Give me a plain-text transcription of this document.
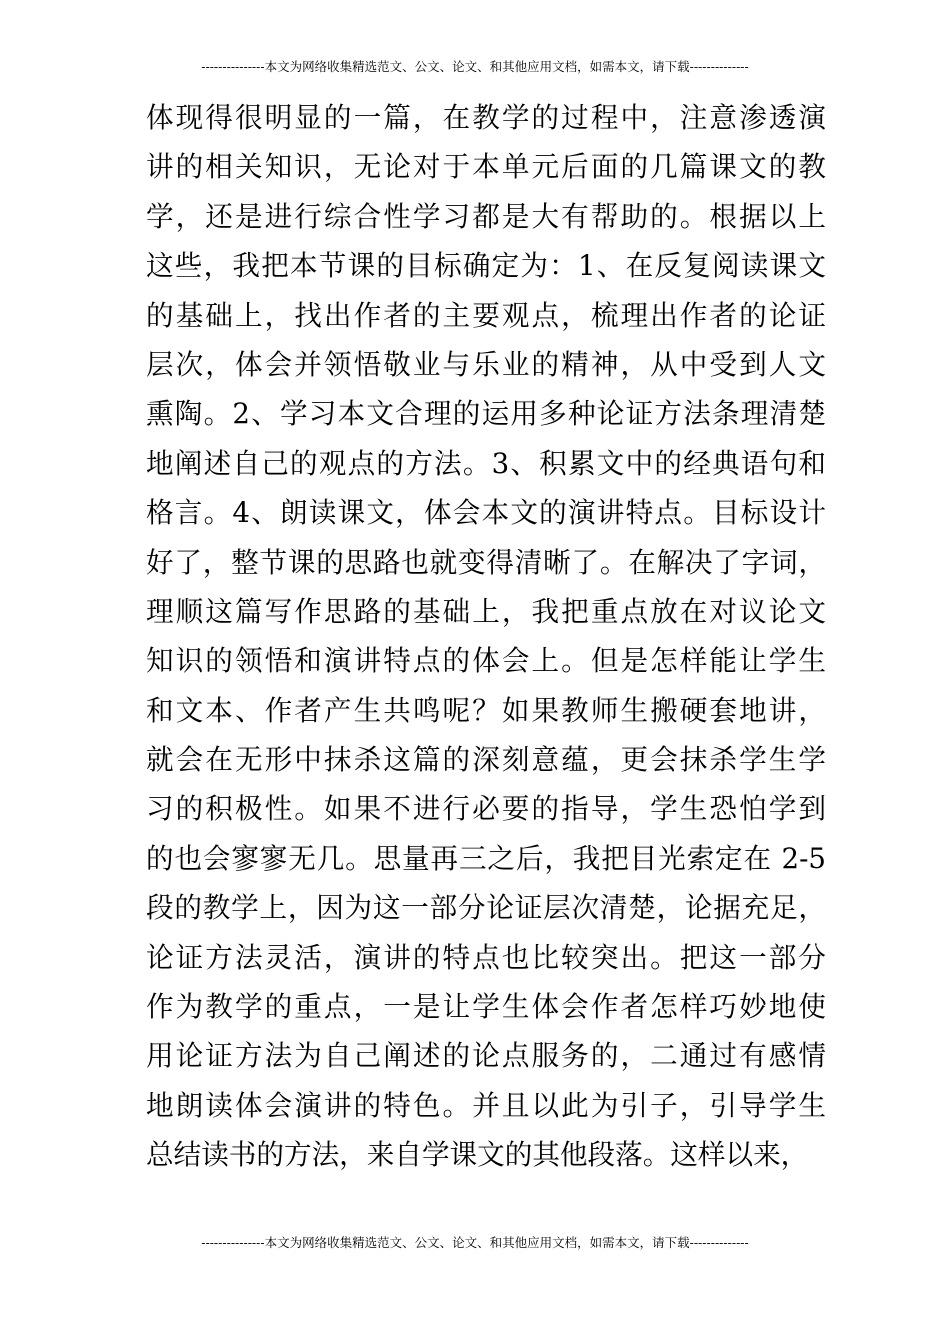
---------------本文为网络收集精选范文、公文、论文、和其他应用文档，如需本文，请下载--------------
体现得很明显的一篇，在教学的过程中，注意渗透演
讲的相关知识，无论对于本单元后面的几篇课文的教
学，还是进行综合性学习都是大有帮助的。根据以上
这些，我把本节课的目标确定为：1、在反复阅读课文
的基础上，找出作者的主要观点，梳理出作者的论证
层次，体会并领悟敬业与乐业的精神，从中受到人文
熏陶。2、学习本文合理的运用多种论证方法条理清楚
地阐述自己的观点的方法。3、积累文中的经典语句和
格言。4、朗读课文，体会本文的演讲特点。目标设计
好了，整节课的思路也就变得清晰了。在解决了字词，
理顺这篇写作思路的基础上，我把重点放在对议论文
知识的领悟和演讲特点的体会上。但是怎样能让学生
和文本、作者产生共鸣呢？如果教师生搬硬套地讲，
就会在无形中抹杀这篇的深刻意蕴，更会抹杀学生学
习的积极性。如果不进行必要的指导，学生恐怕学到
的也会寥寥无几。思量再三之后，我把目光索定在 2-5
段的教学上，因为这一部分论证层次清楚，论据充足，
论证方法灵活，演讲的特点也比较突出。把这一部分
作为教学的重点，一是让学生体会作者怎样巧妙地使
用论证方法为自己阐述的论点服务的，二通过有感情
地朗读体会演讲的特色。并且以此为引子，引导学生
总结读书的方法，来自学课文的其他段落。这样以来，
---------------本文为网络收集精选范文、公文、论文、和其他应用文档，如需本文，请下载--------------
